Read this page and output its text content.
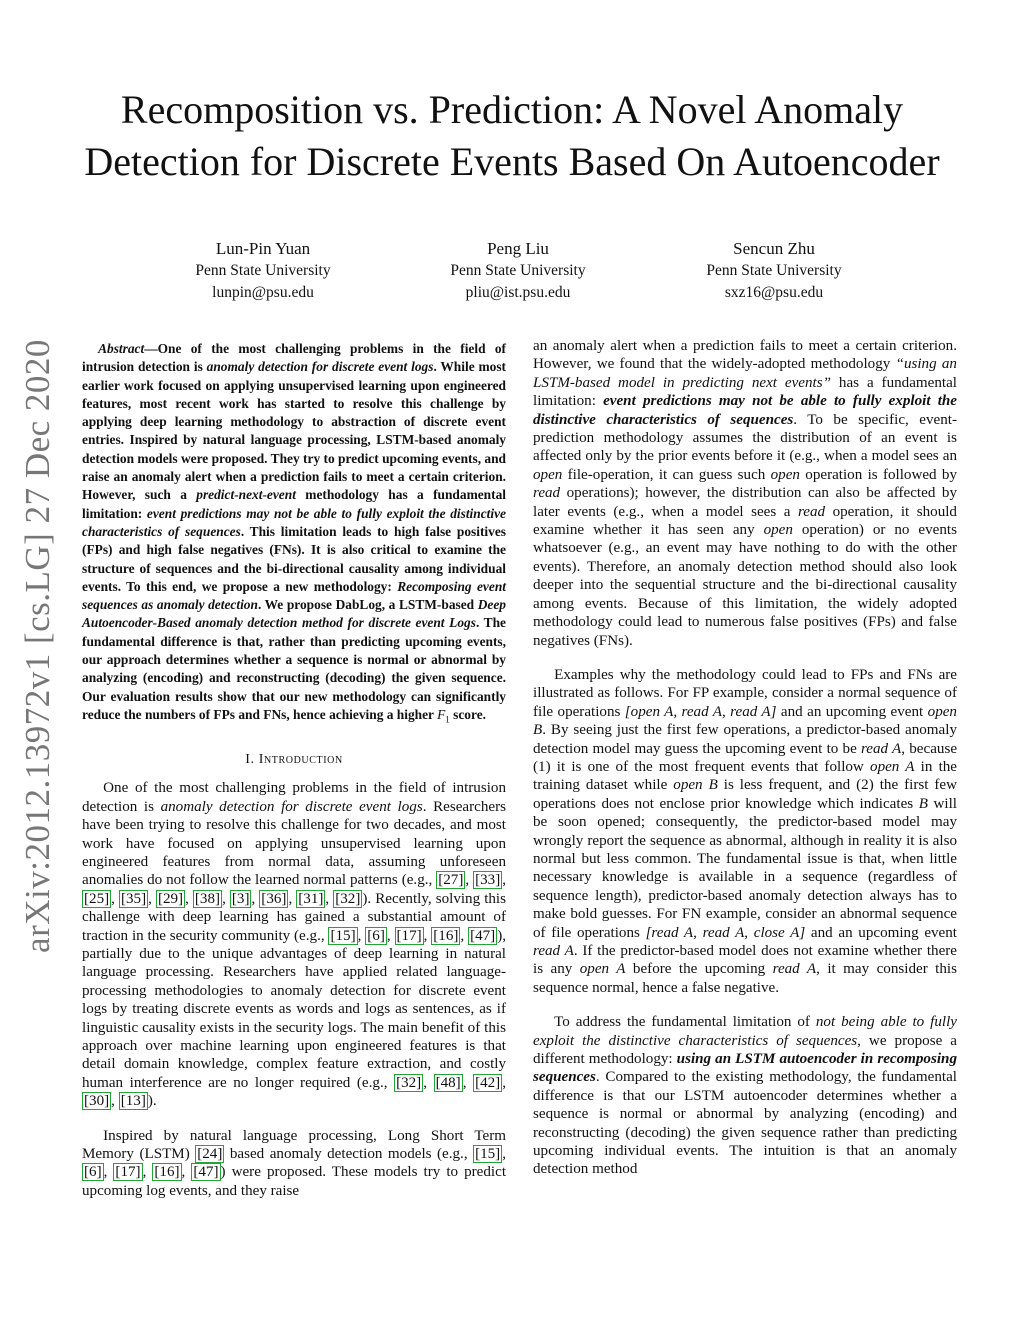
arXiv:2012.13972v1 [cs.LG] 27 Dec 2020
Recomposition vs. Prediction: A Novel Anomaly Detection for Discrete Events Based On Autoencoder
Lun-Pin Yuan
Penn State University
lunpin@psu.edu
Peng Liu
Penn State University
pliu@ist.psu.edu
Sencun Zhu
Penn State University
sxz16@psu.edu

Abstract—One of the most challenging problems in the field of intrusion detection is anomaly detection for discrete event logs. While most earlier work focused on applying unsupervised learning upon engineered features, most recent work has started to resolve this challenge by applying deep learning methodology to abstraction of discrete event entries. Inspired by natural language processing, LSTM-based anomaly detection models were proposed. They try to predict upcoming events, and raise an anomaly alert when a prediction fails to meet a certain criterion. However, such a predict-next-event methodology has a fundamental limitation: event predictions may not be able to fully exploit the distinctive characteristics of sequences. This limitation leads to high false positives (FPs) and high false negatives (FNs). It is also critical to examine the structure of sequences and the bi-directional causality among individual events. To this end, we propose a new methodology: Recomposing event sequences as anomaly detection. We propose DabLog, a LSTM-based Deep Autoencoder-Based anomaly detection method for discrete event Logs. The fundamental difference is that, rather than predicting upcoming events, our approach determines whether a sequence is normal or abnormal by analyzing (encoding) and reconstructing (decoding) the given sequence. Our evaluation results show that our new methodology can significantly reduce the numbers of FPs and FNs, hence achieving a higher $F_1$ score.

I. Introduction

One of the most challenging problems in the field of intrusion detection is anomaly detection for discrete event logs. Researchers have been trying to resolve this challenge for two decades, and most work have focused on applying unsupervised learning upon engineered features from normal data, assuming unforeseen anomalies do not follow the learned normal patterns (e.g., [27] , [33] , [25] , [35] , [29] , [38] , [3] , [36] , [31] , [32] ). Recently, solving this challenge with deep learning has gained a substantial amount of traction in the security community (e.g., [15] , [6] , [17] , [16] , [47] ), partially due to the unique advantages of deep learning in natural language processing. Researchers have applied related language-processing methodologies to anomaly detection for discrete event logs by treating discrete events as words and logs as sentences, as if linguistic causality exists in the security logs. The main benefit of this approach over machine learning upon engineered features is that detail domain knowledge, complex feature extraction, and costly human interference are no longer required (e.g., [32] , [48] , [42] , [30] , [13] ).

Inspired by natural language processing, Long Short Term Memory (LSTM) [24] based anomaly detection models (e.g., [15] , [6] , [17] , [16] , [47] ) were proposed. These models try to predict upcoming log events, and they raise

an anomaly alert when a prediction fails to meet a certain criterion. However, we found that the widely-adopted methodology “using an LSTM-based model in predicting next events” has a fundamental limitation: event predictions may not be able to fully exploit the distinctive characteristics of sequences. To be specific, event-prediction methodology assumes the distribution of an event is affected only by the prior events before it (e.g., when a model sees an open file-operation, it can guess such open operation is followed by read operations); however, the distribution can also be affected by later events (e.g., when a model sees a read operation, it should examine whether it has seen any open operation) or no events whatsoever (e.g., an event may have nothing to do with the other events). Therefore, an anomaly detection method should also look deeper into the sequential structure and the bi-directional causality among events. Because of this limitation, the widely adopted methodology could lead to numerous false positives (FPs) and false negatives (FNs).

Examples why the methodology could lead to FPs and FNs are illustrated as follows. For FP example, consider a normal sequence of file operations [open A, read A, read A] and an upcoming event open B. By seeing just the first few operations, a predictor-based anomaly detection model may guess the upcoming event to be read A, because (1) it is one of the most frequent events that follow open A in the training dataset while open B is less frequent, and (2) the first few operations does not enclose prior knowledge which indicates B will be soon opened; consequently, the predictor-based model may wrongly report the sequence as abnormal, although in reality it is also normal but less common. The fundamental issue is that, when little necessary knowledge is available in a sequence (regardless of sequence length), predictor-based anomaly detection always has to make bold guesses. For FN example, consider an abnormal sequence of file operations [read A, read A, close A] and an upcoming event read A. If the predictor-based model does not examine whether there is any open A before the upcoming read A, it may consider this sequence normal, hence a false negative.

To address the fundamental limitation of not being able to fully exploit the distinctive characteristics of sequences, we propose a different methodology: using an LSTM autoencoder in recomposing sequences. Compared to the existing methodology, the fundamental difference is that our LSTM autoencoder determines whether a sequence is normal or abnormal by analyzing (encoding) and reconstructing (decoding) the given sequence rather than predicting upcoming individual events. The intuition is that an anomaly detection method
